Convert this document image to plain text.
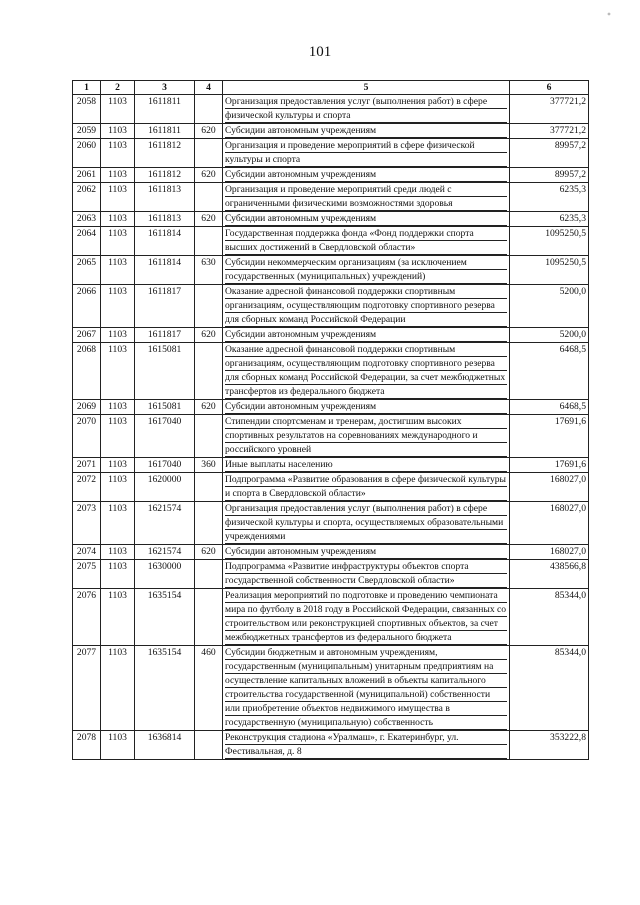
101
1	2	3	4	5	6
2058	1103	1611811		Организация предоставления услуг (выполнения работ) в сфере физической культуры и спорта	377721,2
2059	1103	1611811	620	Субсидии автономным учреждениям	377721,2
2060	1103	1611812		Организация и проведение мероприятий в сфере физической культуры и спорта	89957,2
2061	1103	1611812	620	Субсидии автономным учреждениям	89957,2
2062	1103	1611813		Организация и проведение мероприятий среди людей с ограниченными физическими возможностями здоровья	6235,3
2063	1103	1611813	620	Субсидии автономным учреждениям	6235,3
2064	1103	1611814		Государственная поддержка фонда «Фонд поддержки спорта высших достижений в Свердловской области»	1095250,5
2065	1103	1611814	630	Субсидии некоммерческим организациям (за исключением государственных (муниципальных) учреждений)	1095250,5
2066	1103	1611817		Оказание адресной финансовой поддержки спортивным организациям, осуществляющим подготовку спортивного резерва для сборных команд Российской Федерации	5200,0
2067	1103	1611817	620	Субсидии автономным учреждениям	5200,0
2068	1103	1615081		Оказание адресной финансовой поддержки спортивным организациям, осуществляющим подготовку спортивного резерва для сборных команд Российской Федерации, за счет межбюджетных трансфертов из федерального бюджета	6468,5
2069	1103	1615081	620	Субсидии автономным учреждениям	6468,5
2070	1103	1617040		Стипендии спортсменам и тренерам, достигшим высоких спортивных результатов на соревнованиях международного и российского уровней	17691,6
2071	1103	1617040	360	Иные выплаты населению	17691,6
2072	1103	1620000		Подпрограмма «Развитие образования в сфере физической культуры и спорта в Свердловской области»	168027,0
2073	1103	1621574		Организация предоставления услуг (выполнения работ) в сфере физической культуры и спорта, осуществляемых образовательными учреждениями	168027,0
2074	1103	1621574	620	Субсидии автономным учреждениям	168027,0
2075	1103	1630000		Подпрограмма «Развитие инфраструктуры объектов спорта государственной собственности Свердловской области»	438566,8
2076	1103	1635154		Реализация мероприятий по подготовке и проведению чемпионата мира по футболу в 2018 году в Российской Федерации, связанных со строительством или реконструкцией спортивных объектов, за счет межбюджетных трансфертов из федерального бюджета	85344,0
2077	1103	1635154	460	Субсидии бюджетным и автономным учреждениям, государственным (муниципальным) унитарным предприятиям на осуществление капитальных вложений в объекты капитального строительства государственной (муниципальной) собственности или приобретение объектов недвижимого имущества в государственную (муниципальную) собственность	85344,0
2078	1103	1636814		Реконструкция стадиона «Уралмаш», г. Екатеринбург, ул. Фестивальная, д. 8	353222,8
